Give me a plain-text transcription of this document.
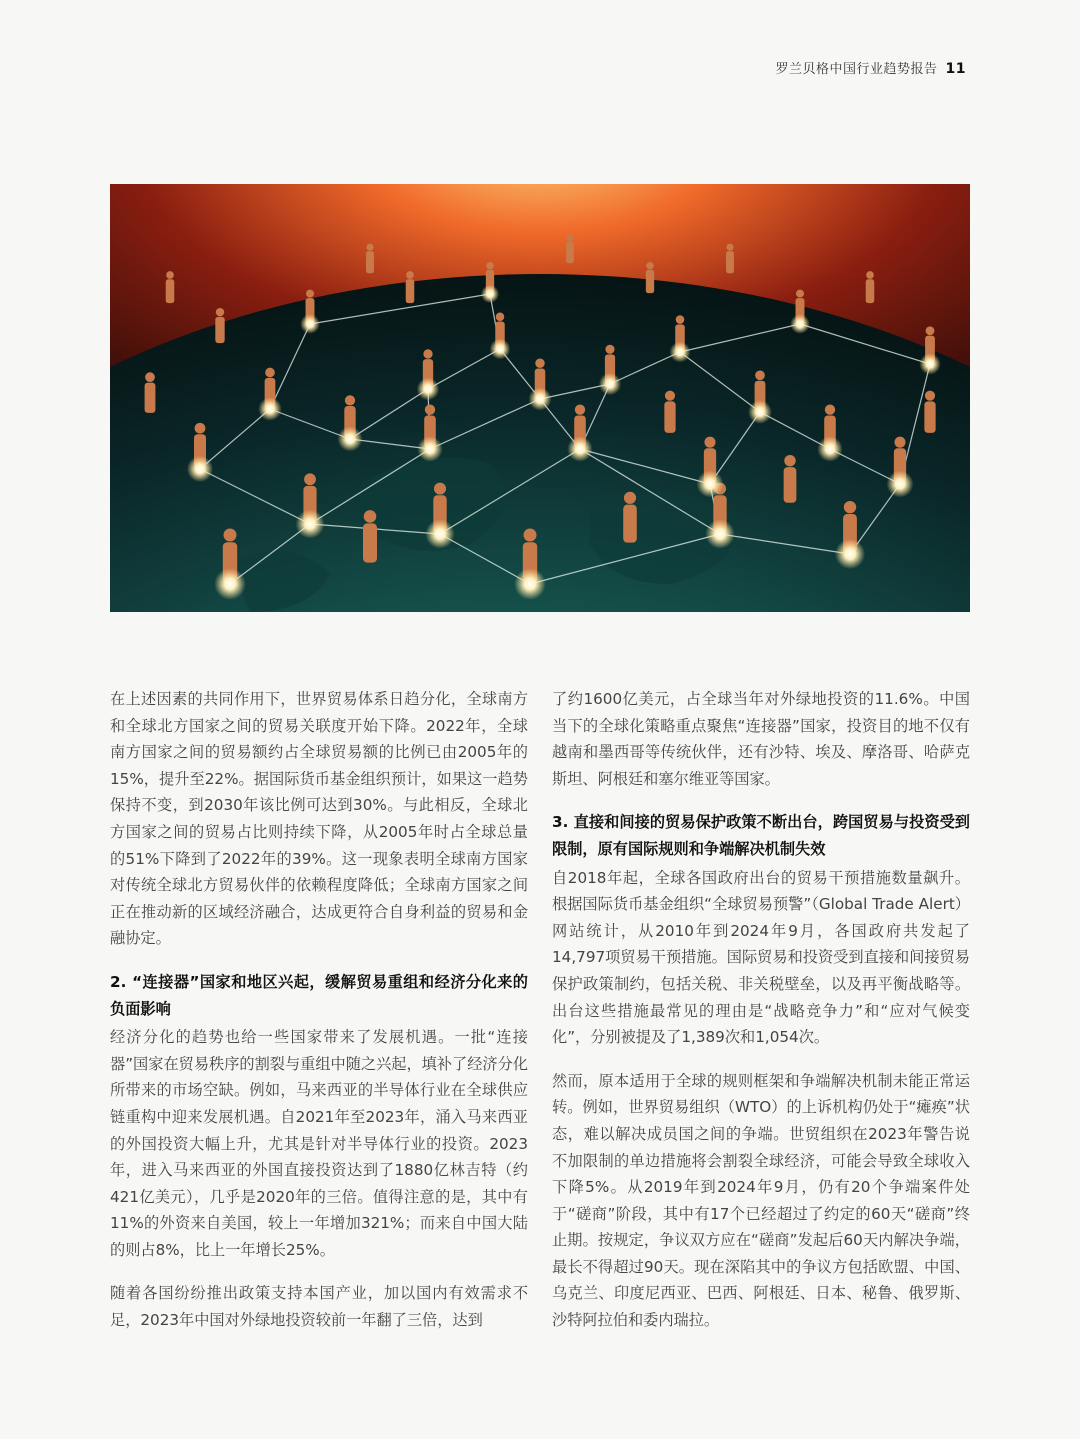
罗兰贝格中国行业趋势报告 11

在上述因素的共同作用下，世界贸易体系日趋分化，全球南方和全球北方国家之间的贸易关联度开始下降。2022年，全球南方国家之间的贸易额约占全球贸易额的比例已由2005年的15%，提升至22%。据国际货币基金组织预计，如果这一趋势保持不变，到2030年该比例可达到30%。与此相反，全球北方国家之间的贸易占比则持续下降，从2005年时占全球总量的51%下降到了2022年的39%。这一现象表明全球南方国家对传统全球北方贸易伙伴的依赖程度降低；全球南方国家之间正在推动新的区域经济融合，达成更符合自身利益的贸易和金融协定。

2. “连接器”国家和地区兴起，缓解贸易重组和经济分化来的负面影响

经济分化的趋势也给一些国家带来了发展机遇。一批“连接器”国家在贸易秩序的割裂与重组中随之兴起，填补了经济分化所带来的市场空缺。例如，马来西亚的半导体行业在全球供应链重构中迎来发展机遇。自2021年至2023年，涌入马来西亚的外国投资大幅上升，尤其是针对半导体行业的投资。2023年，进入马来西亚的外国直接投资达到了1880亿林吉特（约421亿美元），几乎是2020年的三倍。值得注意的是，其中有11%的外资来自美国，较上一年增加321%；而来自中国大陆的则占8%，比上一年增长25%。

随着各国纷纷推出政策支持本国产业，加以国内有效需求不足，2023年中国对外绿地投资较前一年翻了三倍，达到

了约1600亿美元，占全球当年对外绿地投资的11.6%。中国当下的全球化策略重点聚焦“连接器”国家，投资目的地不仅有越南和墨西哥等传统伙伴，还有沙特、埃及、摩洛哥、哈萨克斯坦、阿根廷和塞尔维亚等国家。

3. 直接和间接的贸易保护政策不断出台，跨国贸易与投资受到限制，原有国际规则和争端解决机制失效

自2018年起，全球各国政府出台的贸易干预措施数量飙升。根据国际货币基金组织“全球贸易预警”（Global Trade Alert）网站统计，从2010年到2024年9月，各国政府共发起了14,797项贸易干预措施。国际贸易和投资受到直接和间接贸易保护政策制约，包括关税、非关税壁垒，以及再平衡战略等。出台这些措施最常见的理由是“战略竞争力”和“应对气候变化”，分别被提及了1,389次和1,054次。

然而，原本适用于全球的规则框架和争端解决机制未能正常运转。例如，世界贸易组织（WTO）的上诉机构仍处于“瘫痪”状态，难以解决成员国之间的争端。世贸组织在2023年警告说不加限制的单边措施将会割裂全球经济，可能会导致全球收入下降5%。从2019年到2024年9月，仍有20个争端案件处于“磋商”阶段，其中有17个已经超过了约定的60天“磋商”终止期。按规定，争议双方应在“磋商”发起后60天内解决争端，最长不得超过90天。现在深陷其中的争议方包括欧盟、中国、乌克兰、印度尼西亚、巴西、阿根廷、日本、秘鲁、俄罗斯、沙特阿拉伯和委内瑞拉。
